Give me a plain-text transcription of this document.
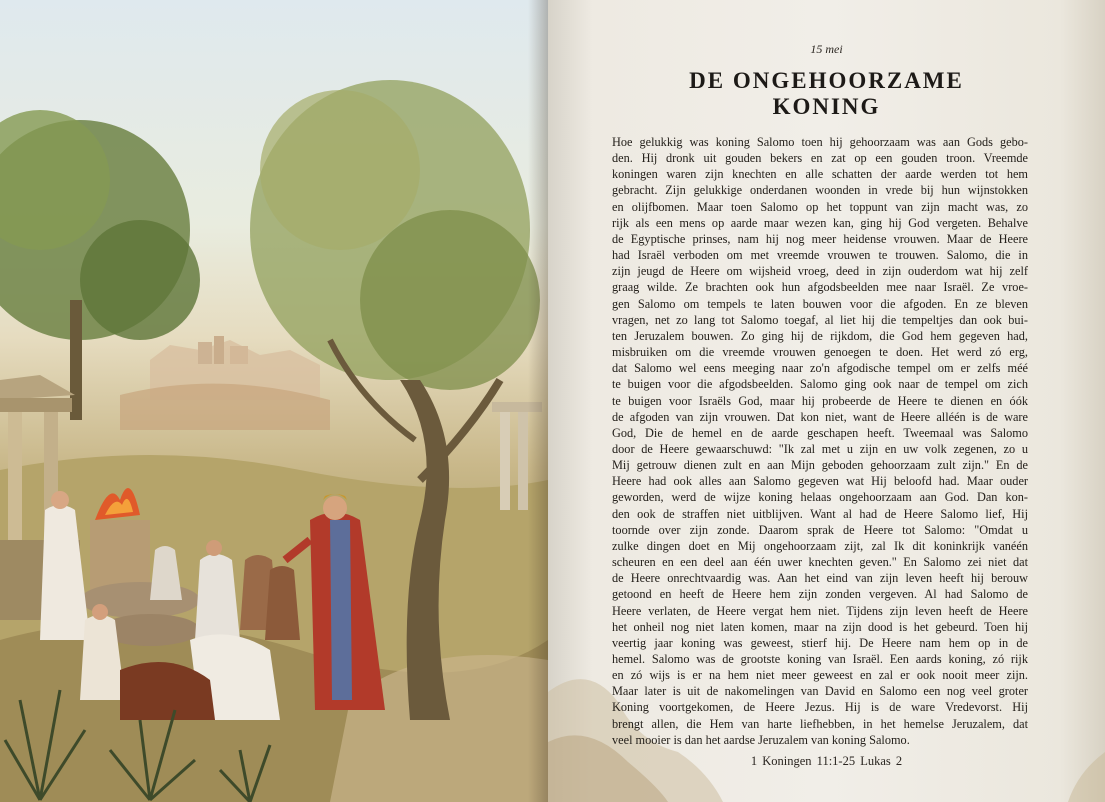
15 mei
DE ONGEHOORZAME
KONING
Hoe gelukkig was koning Salomo toen hij gehoorzaam was aan Gods gebo-
den. Hij dronk uit gouden bekers en zat op een gouden troon. Vreemde
koningen waren zijn knechten en alle schatten der aarde werden tot hem
gebracht. Zijn gelukkige onderdanen woonden in vrede bij hun wijnstokken
en olijfbomen. Maar toen Salomo op het toppunt van zijn macht was, zo
rijk als een mens op aarde maar wezen kan, ging hij God vergeten. Behalve
de Egyptische prinses, nam hij nog meer heidense vrouwen. Maar de Heere
had Israël verboden om met vreemde vrouwen te trouwen. Salomo, die in
zijn jeugd de Heere om wijsheid vroeg, deed in zijn ouderdom wat hij zelf
graag wilde. Ze brachten ook hun afgodsbeelden mee naar Israël. Ze vroe-
gen Salomo om tempels te laten bouwen voor die afgoden. En ze bleven
vragen, net zo lang tot Salomo toegaf, al liet hij die tempeltjes dan ook bui-
ten Jeruzalem bouwen. Zo ging hij de rijkdom, die God hem gegeven had,
misbruiken om die vreemde vrouwen genoegen te doen. Het werd zó erg,
dat Salomo wel eens meeging naar zo'n afgodische tempel om er zelfs méé
te buigen voor die afgodsbeelden. Salomo ging ook naar de tempel om zich
te buigen voor Israëls God, maar hij probeerde de Heere te dienen en óók
de afgoden van zijn vrouwen. Dat kon niet, want de Heere alléén is de ware
God, Die de hemel en de aarde geschapen heeft. Tweemaal was Salomo
door de Heere gewaarschuwd: "Ik zal met u zijn en uw volk zegenen, zo u
Mij getrouw dienen zult en aan Mijn geboden gehoorzaam zult zijn." En de
Heere had ook alles aan Salomo gegeven wat Hij beloofd had. Maar ouder
geworden, werd de wijze koning helaas ongehoorzaam aan God. Dan kon-
den ook de straffen niet uitblijven. Want al had de Heere Salomo lief, Hij
toornde over zijn zonde. Daarom sprak de Heere tot Salomo: "Omdat u
zulke dingen doet en Mij ongehoorzaam zijt, zal Ik dit koninkrijk vanéén
scheuren en een deel aan één uwer knechten geven." En Salomo zei niet dat
de Heere onrechtvaardig was. Aan het eind van zijn leven heeft hij berouw
getoond en heeft de Heere hem zijn zonden vergeven. Al had Salomo de
Heere verlaten, de Heere vergat hem niet. Tijdens zijn leven heeft de Heere
het onheil nog niet laten komen, maar na zijn dood is het gebeurd. Toen hij
veertig jaar koning was geweest, stierf hij. De Heere nam hem op in de
hemel. Salomo was de grootste koning van Israël. Een aards koning, zó rijk
en zó wijs is er na hem niet meer geweest en zal er ook nooit meer zijn.
Maar later is uit de nakomelingen van David en Salomo een nog veel groter
Koning voortgekomen, de Heere Jezus. Hij is de ware Vredevorst. Hij
brengt allen, die Hem van harte liefhebben, in het hemelse Jeruzalem, dat
veel mooier is dan het aardse Jeruzalem van koning Salomo.
1 Koningen 11:1-25 Lukas 2
